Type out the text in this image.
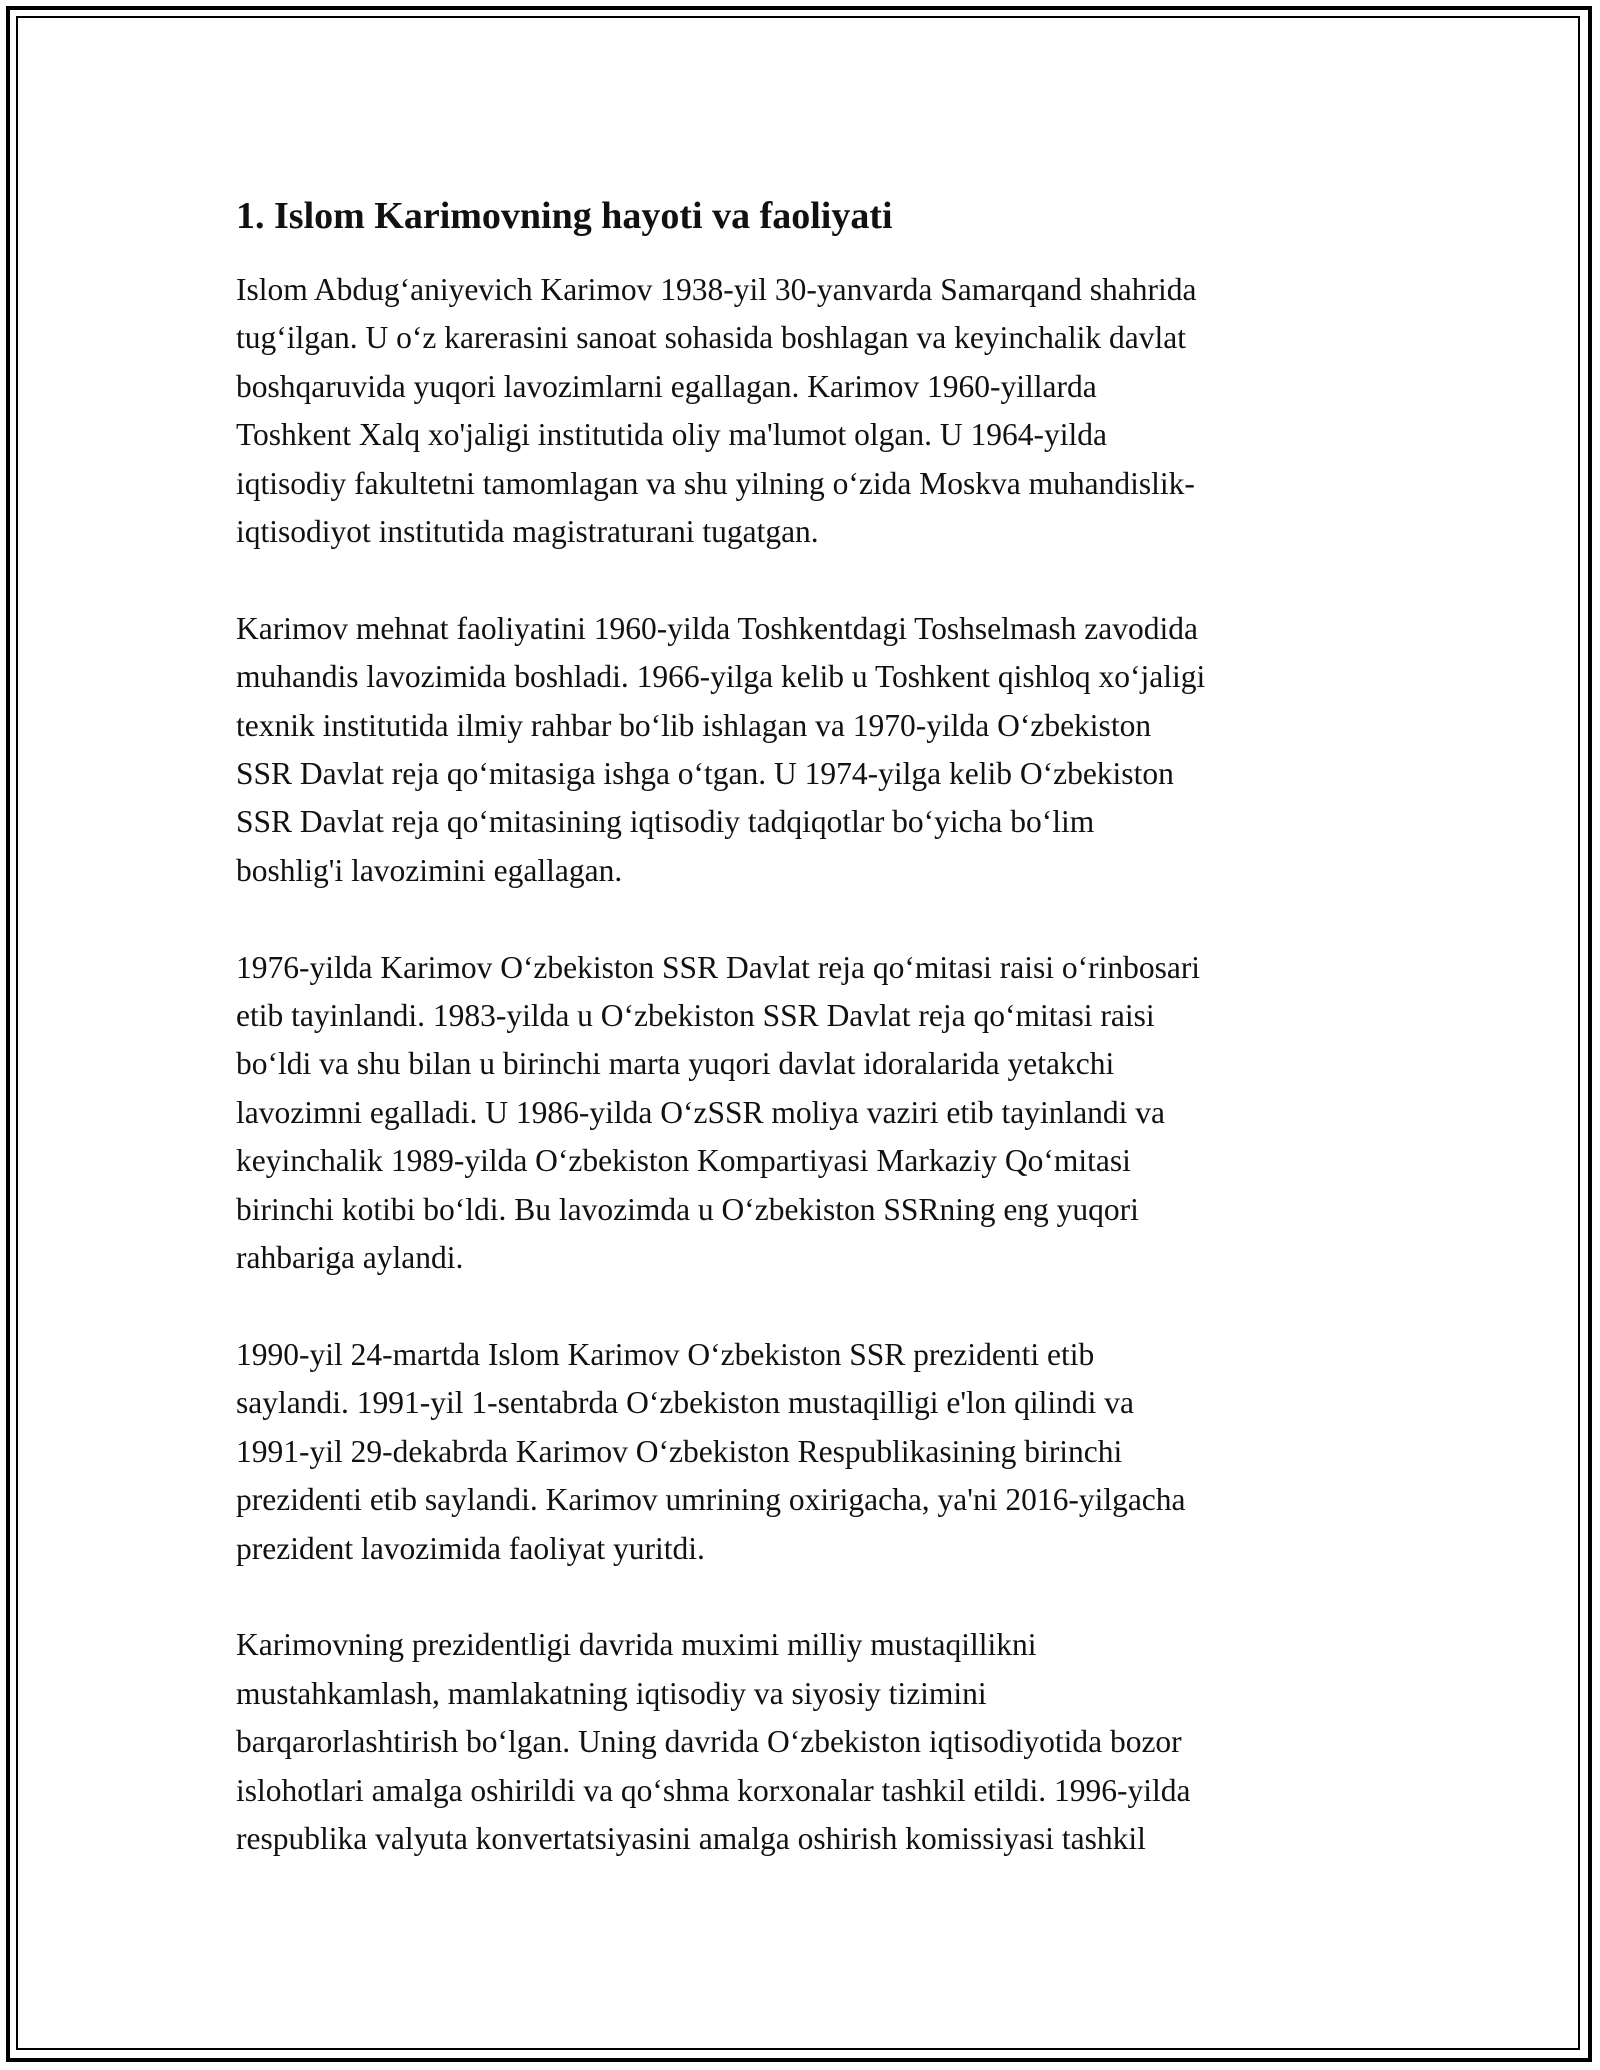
1. Islom Karimovning hayoti va faoliyati

Islom Abdug‘aniyevich Karimov 1938-yil 30-yanvarda Samarqand shahrida
tug‘ilgan. U o‘z karerasini sanoat sohasida boshlagan va keyinchalik davlat
boshqaruvida yuqori lavozimlarni egallagan. Karimov 1960-yillarda
Toshkent Xalq xo'jaligi institutida oliy ma'lumot olgan. U 1964-yilda
iqtisodiy fakultetni tamomlagan va shu yilning o‘zida Moskva muhandislik-
iqtisodiyot institutida magistraturani tugatgan.

Karimov mehnat faoliyatini 1960-yilda Toshkentdagi Toshselmash zavodida
muhandis lavozimida boshladi. 1966-yilga kelib u Toshkent qishloq xo‘jaligi
texnik institutida ilmiy rahbar bo‘lib ishlagan va 1970-yilda O‘zbekiston
SSR Davlat reja qo‘mitasiga ishga o‘tgan. U 1974-yilga kelib O‘zbekiston
SSR Davlat reja qo‘mitasining iqtisodiy tadqiqotlar bo‘yicha bo‘lim
boshlig'i lavozimini egallagan.

1976-yilda Karimov O‘zbekiston SSR Davlat reja qo‘mitasi raisi o‘rinbosari
etib tayinlandi. 1983-yilda u O‘zbekiston SSR Davlat reja qo‘mitasi raisi
bo‘ldi va shu bilan u birinchi marta yuqori davlat idoralarida yetakchi
lavozimni egalladi. U 1986-yilda O‘zSSR moliya vaziri etib tayinlandi va
keyinchalik 1989-yilda O‘zbekiston Kompartiyasi Markaziy Qo‘mitasi
birinchi kotibi bo‘ldi. Bu lavozimda u O‘zbekiston SSRning eng yuqori
rahbariga aylandi.

1990-yil 24-martda Islom Karimov O‘zbekiston SSR prezidenti etib
saylandi. 1991-yil 1-sentabrda O‘zbekiston mustaqilligi e'lon qilindi va
1991-yil 29-dekabrda Karimov O‘zbekiston Respublikasining birinchi
prezidenti etib saylandi. Karimov umrining oxirigacha, ya'ni 2016-yilgacha
prezident lavozimida faoliyat yuritdi.

Karimovning prezidentligi davrida muximi milliy mustaqillikni
mustahkamlash, mamlakatning iqtisodiy va siyosiy tizimini
barqarorlashtirish bo‘lgan. Uning davrida O‘zbekiston iqtisodiyotida bozor
islohotlari amalga oshirildi va qo‘shma korxonalar tashkil etildi. 1996-yilda
respublika valyuta konvertatsiyasini amalga oshirish komissiyasi tashkil
